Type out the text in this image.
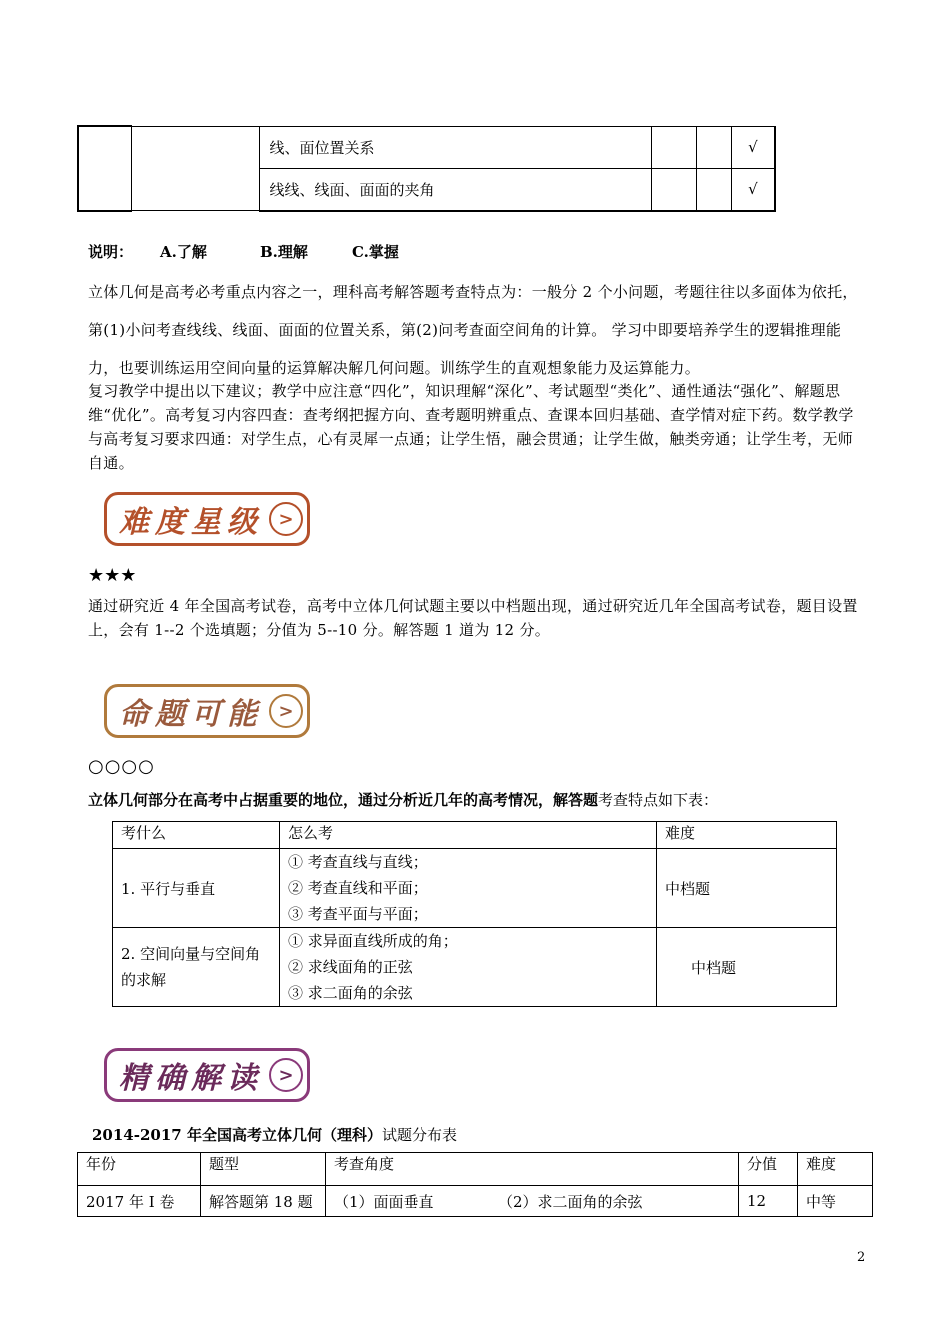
		线、面位置关系			√
		线线、线面、面面的夹角			√
说明： A.了解	B.理解	C.掌握
立体几何是高考必考重点内容之一，理科高考解答题考查特点为：一般分 2 个小问题，考题往往以多面体为依托，第(1)小问考查线线、线面、面面的位置关系，第(2)问考查面空间角的计算。 学习中即要培养学生的逻辑推理能力，也要训练运用空间向量的运算解决解几何问题。训练学生的直观想象能力及运算能力。
复习教学中提出以下建议；教学中应注意“四化”，知识理解“深化”、考试题型“类化”、通性通法“强化”、解题思维“优化”。高考复习内容四查：查考纲把握方向、查考题明辨重点、查课本回归基础、查学情对症下药。数学教学与高考复习要求四通：对学生点，心有灵犀一点通；让学生悟，融会贯通；让学生做，触类旁通；让学生考，无师自通。
难度星级 >
★★★
通过研究近 4 年全国高考试卷，高考中立体几何试题主要以中档题出现，通过研究近几年全国高考试卷，题目设置上，会有 1--2 个选填题；分值为 5--10 分。解答题 1 道为 12 分。
命题可能 >
○○○○
立体几何部分在高考中占据重要的地位，通过分析近几年的高考情况，解答题考查特点如下表：
考什么	怎么考	难度
1. 平行与垂直	① 考查直线与直线；
② 考查直线和平面；
③ 考查平面与平面；	中档题
2. 空间向量与空间角的求解	① 求异面直线所成的角；
② 求线面角的正弦
③ 求二面角的余弦	中档题
精确解读 >
2014-2017 年全国高考立体几何（理科）试题分布表
年份	题型	考查角度	分值	难度
2017 年 I 卷	解答题第 18 题	（1）面面垂直 （2）求二面角的余弦	12	中等
2
